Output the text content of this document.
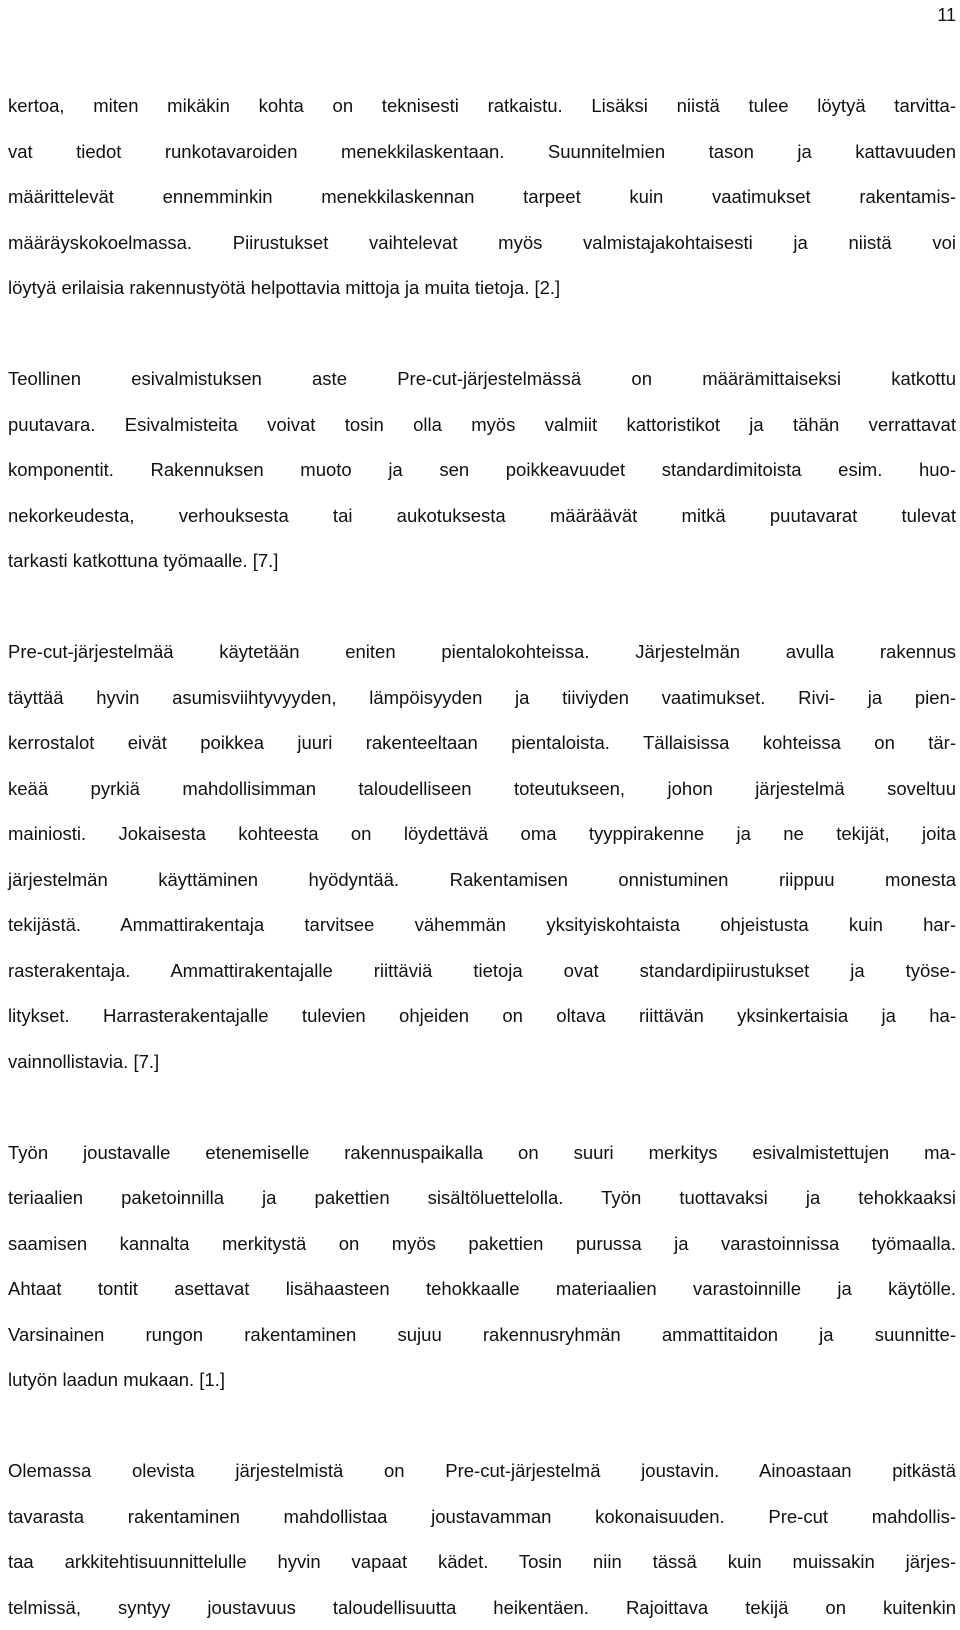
11
kertoa, miten mikäkin kohta on teknisesti ratkaistu. Lisäksi niistä tulee löytyä tarvitta-
vat tiedot runkotavaroiden menekkilaskentaan. Suunnitelmien tason ja kattavuuden
määrittelevät ennemminkin menekkilaskennan tarpeet kuin vaatimukset rakentamis-
määräyskokoelmassa. Piirustukset vaihtelevat myös valmistajakohtaisesti ja niistä voi
löytyä erilaisia rakennustyötä helpottavia mittoja ja muita tietoja. [2.]
Teollinen esivalmistuksen aste Pre-cut-järjestelmässä on määrämittaiseksi katkottu
puutavara. Esivalmisteita voivat tosin olla myös valmiit kattoristikot ja tähän verrattavat
komponentit. Rakennuksen muoto ja sen poikkeavuudet standardimitoista esim. huo-
nekorkeudesta, verhouksesta tai aukotuksesta määräävät mitkä puutavarat tulevat
tarkasti katkottuna työmaalle. [7.]
Pre-cut-järjestelmää käytetään eniten pientalokohteissa. Järjestelmän avulla rakennus
täyttää hyvin asumisviihtyvyyden, lämpöisyyden ja tiiviyden vaatimukset. Rivi- ja pien-
kerrostalot eivät poikkea juuri rakenteeltaan pientaloista. Tällaisissa kohteissa on tär-
keää pyrkiä mahdollisimman taloudelliseen toteutukseen, johon järjestelmä soveltuu
mainiosti. Jokaisesta kohteesta on löydettävä oma tyyppirakenne ja ne tekijät, joita
järjestelmän käyttäminen hyödyntää. Rakentamisen onnistuminen riippuu monesta
tekijästä. Ammattirakentaja tarvitsee vähemmän yksityiskohtaista ohjeistusta kuin har-
rasterakentaja. Ammattirakentajalle riittäviä tietoja ovat standardipiirustukset ja työse-
litykset. Harrasterakentajalle tulevien ohjeiden on oltava riittävän yksinkertaisia ja ha-
vainnollistavia. [7.]
Työn joustavalle etenemiselle rakennuspaikalla on suuri merkitys esivalmistettujen ma-
teriaalien paketoinnilla ja pakettien sisältöluettelolla. Työn tuottavaksi ja tehokkaaksi
saamisen kannalta merkitystä on myös pakettien purussa ja varastoinnissa työmaalla.
Ahtaat tontit asettavat lisähaasteen tehokkaalle materiaalien varastoinnille ja käytölle.
Varsinainen rungon rakentaminen sujuu rakennusryhmän ammattitaidon ja suunnitte-
lutyön laadun mukaan. [1.]
Olemassa olevista järjestelmistä on Pre-cut-järjestelmä joustavin. Ainoastaan pitkästä
tavarasta rakentaminen mahdollistaa joustavamman kokonaisuuden. Pre-cut mahdollis-
taa arkkitehtisuunnittelulle hyvin vapaat kädet. Tosin niin tässä kuin muissakin järjes-
telmissä, syntyy joustavuus taloudellisuutta heikentäen. Rajoittava tekijä on kuitenkin
